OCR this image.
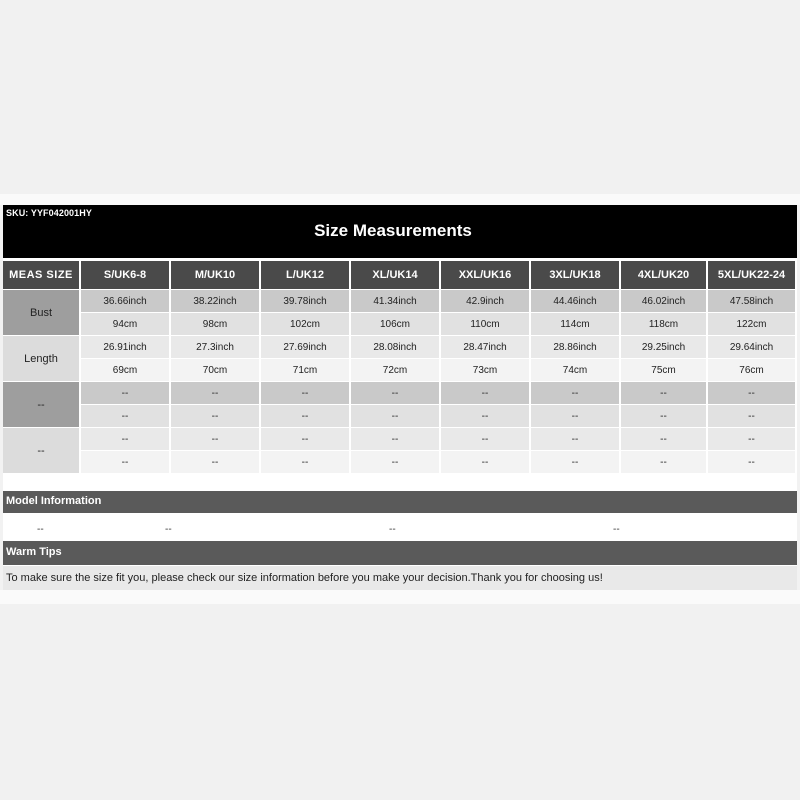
SKU: YYF042001HY
Size Measurements
MEAS SIZE	S/UK6-8	M/UK10	L/UK12	XL/UK14	XXL/UK16	3XL/UK18	4XL/UK20	5XL/UK22-24
Bust	36.66inch	38.22inch	39.78inch	41.34inch	42.9inch	44.46inch	46.02inch	47.58inch
	94cm	98cm	102cm	106cm	110cm	114cm	118cm	122cm
Length	26.91inch	27.3inch	27.69inch	28.08inch	28.47inch	28.86inch	29.25inch	29.64inch
	69cm	70cm	71cm	72cm	73cm	74cm	75cm	76cm
--	--	--	--	--	--	--	--	--
	--	--	--	--	--	--	--	--
--	--	--	--	--	--	--	--	--
	--	--	--	--	--	--	--	--
Model Information
--	--	--	--
Warm Tips
To make sure the size fit you, please check our size information before you make your decision.Thank you for choosing us!
